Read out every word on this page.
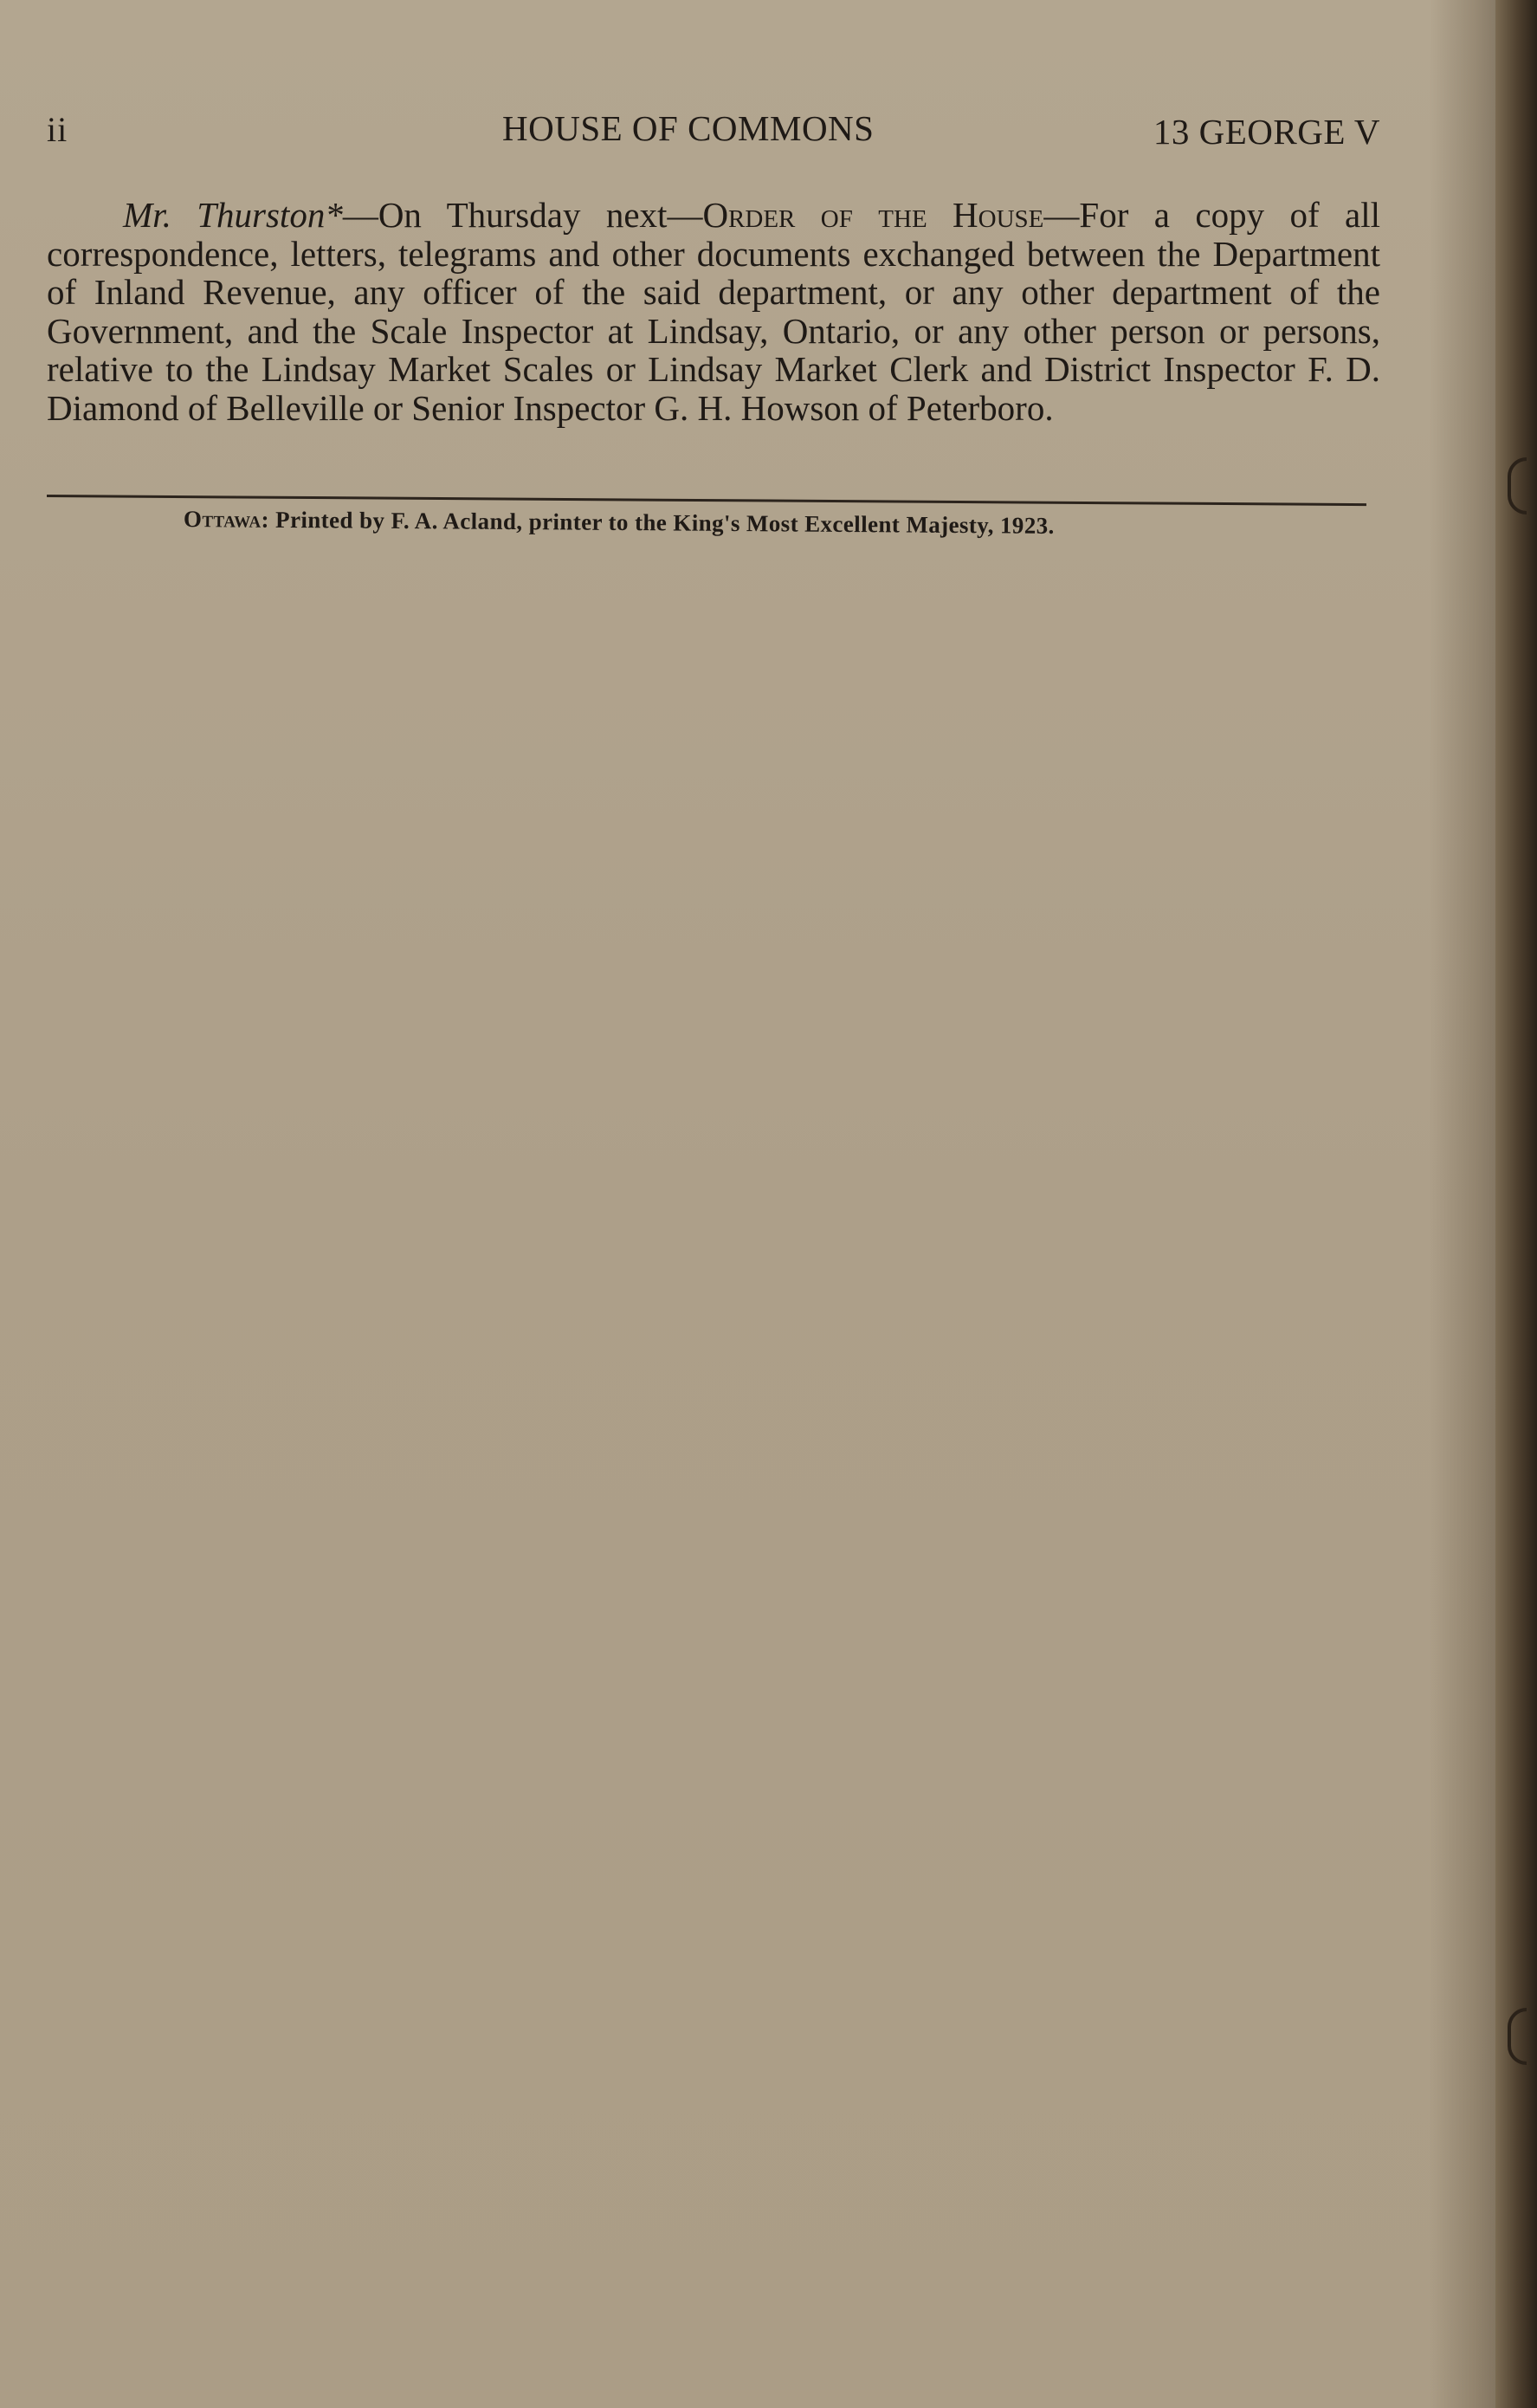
ii	HOUSE OF COMMONS	13 GEORGE V

Mr. Thurston*—On Thursday next—Order of the House—For a copy of all correspondence, letters, telegrams and other documents exchanged between the Department of Inland Revenue, any officer of the said department, or any other department of the Government, and the Scale Inspector at Lindsay, Ontario, or any other person or persons, relative to the Lindsay Market Scales or Lindsay Market Clerk and District Inspector F. D. Diamond of Belleville or Senior Inspector G. H. Howson of Peterboro.

Ottawa: Printed by F. A. Acland, printer to the King's Most Excellent Majesty, 1923.
